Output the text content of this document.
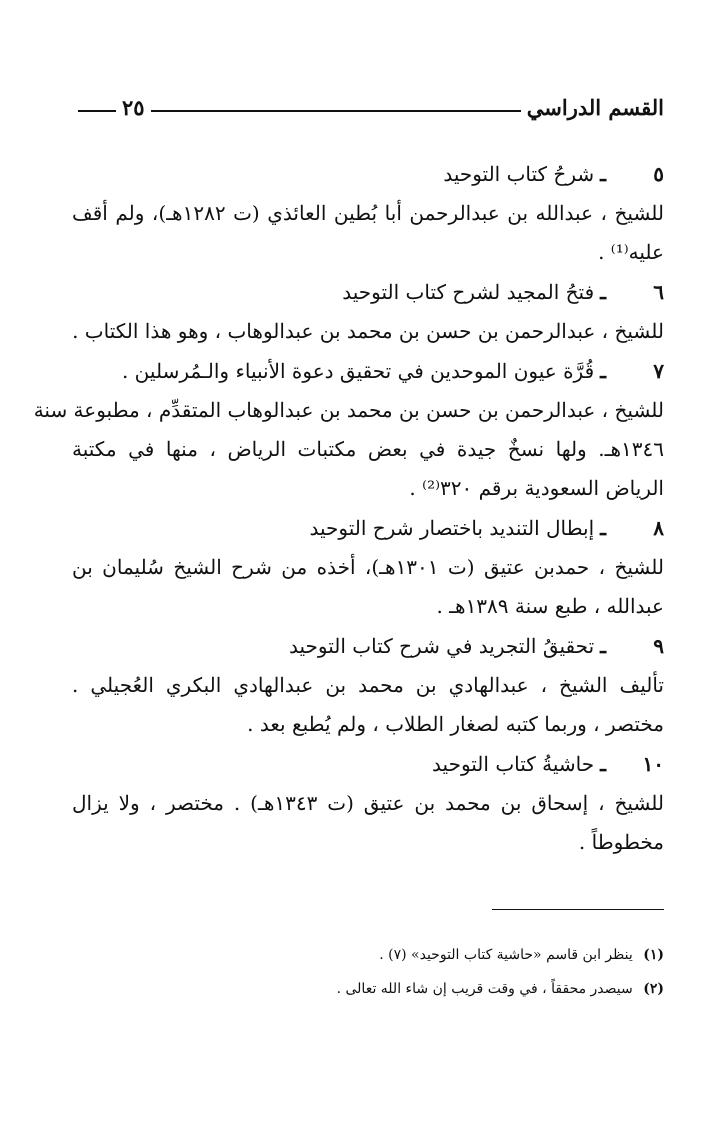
القسم الدراسي
٢٥
٥
ـ
شرحُ كتاب التوحيد
للشيخ ، عبدالله بن عبدالرحمن أبا بُطين العائذي (ت ١٢٨٢هـ)، ولم أقف
عليه⁽¹⁾ .
٦
ـ
فتحُ المجيد لشرح كتاب التوحيد
للشيخ ، عبدالرحمن بن حسن بن محمد بن عبدالوهاب ، وهو هذا الكتاب .
٧
ـ
قُرَّة عيون الموحدين في تحقيق دعوة الأنبياء والـمُرسلين .
للشيخ ، عبدالرحمن بن حسن بن محمد بن عبدالوهاب المتقدِّم ، مطبوعة سنة
١٣٤٦هـ. ولها نسخٌ جيدة في بعض مكتبات الرياض ، منها في مكتبة
الرياض السعودية برقم ٣٢٠⁽²⁾ .
٨
ـ
إبطال التنديد باختصار شرح التوحيد
للشيخ ، حمدبن عتيق (ت ١٣٠١هـ)، أخذه من شرح الشيخ سُليمان بن
عبدالله ، طبع سنة ١٣٨٩هـ .
٩
ـ
تحقيقُ التجريد في شرح كتاب التوحيد
تأليف الشيخ ، عبدالهادي بن محمد بن عبدالهادي البكري العُجيلي .
مختصر ، وربما كتبه لصغار الطلاب ، ولم يُطبع بعد .
١٠
ـ
حاشيةُ كتاب التوحيد
للشيخ ، إسحاق بن محمد بن عتيق (ت ١٣٤٣هـ) . مختصر ، ولا يزال
مخطوطاً .
(١) ينظر ابن قاسم «حاشية كتاب التوحيد» (٧) .
(٢) سيصدر محققاً ، في وقت قريب إن شاء الله تعالى .
